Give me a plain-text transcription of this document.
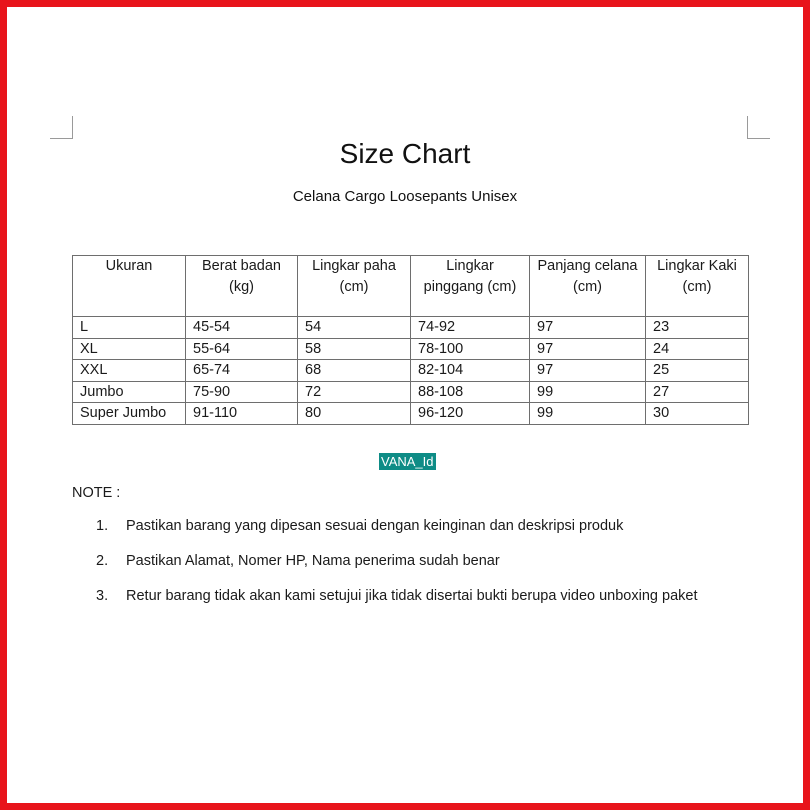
Size Chart
Celana Cargo Loosepants Unisex
Ukuran	Berat badan (kg)	Lingkar paha (cm)	Lingkar pinggang (cm)	Panjang celana (cm)	Lingkar Kaki (cm)
L	45-54	54	74-92	97	23
XL	55-64	58	78-100	97	24
XXL	65-74	68	82-104	97	25
Jumbo	75-90	72	88-108	99	27
Super Jumbo	91-110	80	96-120	99	30
VANA_Id
NOTE :
1. Pastikan barang yang dipesan sesuai dengan keinginan dan deskripsi produk
2. Pastikan Alamat, Nomer HP, Nama penerima sudah benar
3. Retur barang tidak akan kami setujui jika tidak disertai bukti berupa video unboxing paket
